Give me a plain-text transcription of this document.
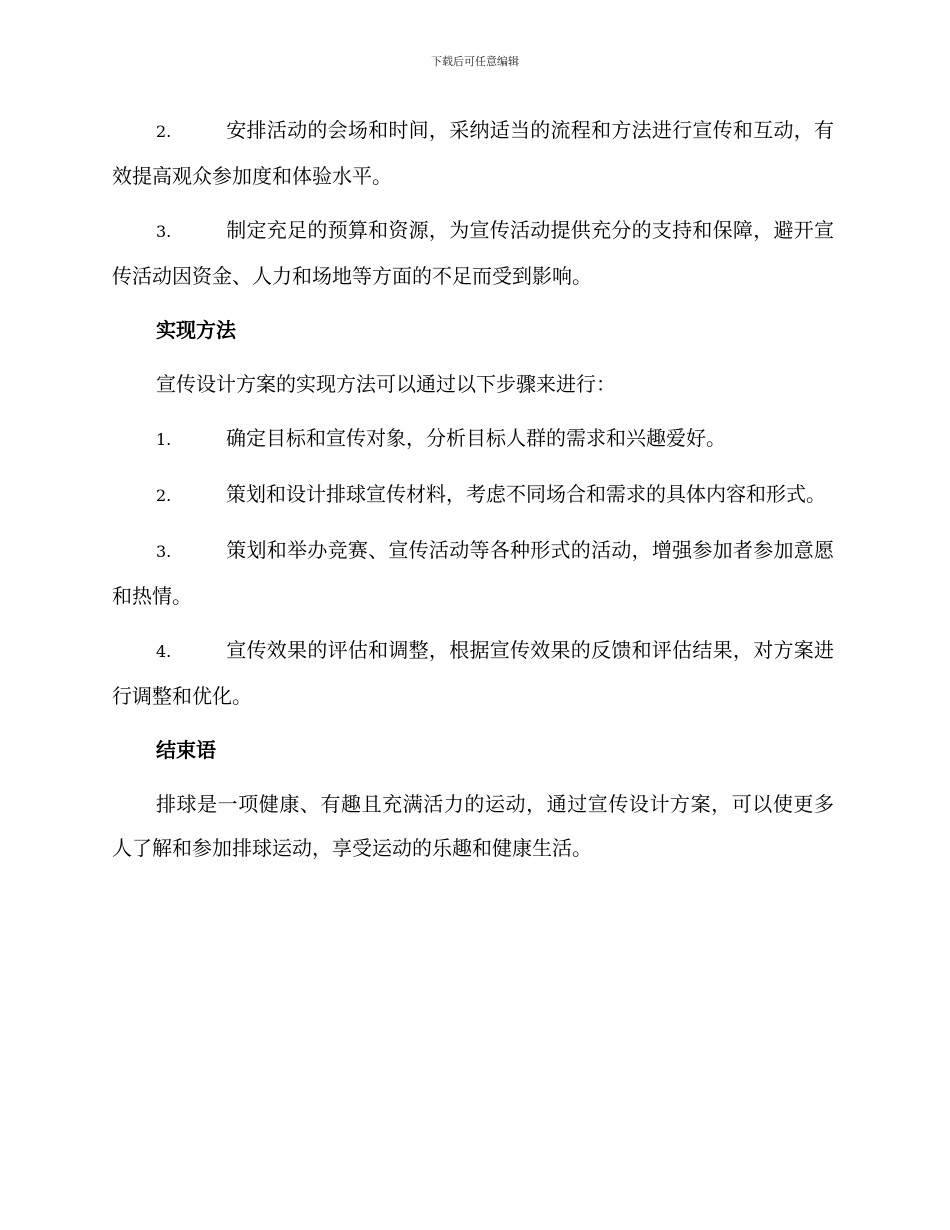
下载后可任意编辑

2.	安排活动的会场和时间，采纳适当的流程和方法进行宣传和互动，有效提高观众参加度和体验水平。

3.	制定充足的预算和资源，为宣传活动提供充分的支持和保障，避开宣传活动因资金、人力和场地等方面的不足而受到影响。

实现方法

宣传设计方案的实现方法可以通过以下步骤来进行：

1.	确定目标和宣传对象，分析目标人群的需求和兴趣爱好。

2.	策划和设计排球宣传材料，考虑不同场合和需求的具体内容和形式。

3.	策划和举办竞赛、宣传活动等各种形式的活动，增强参加者参加意愿和热情。

4.	宣传效果的评估和调整，根据宣传效果的反馈和评估结果，对方案进行调整和优化。

结束语

排球是一项健康、有趣且充满活力的运动，通过宣传设计方案，可以使更多人了解和参加排球运动，享受运动的乐趣和健康生活。
